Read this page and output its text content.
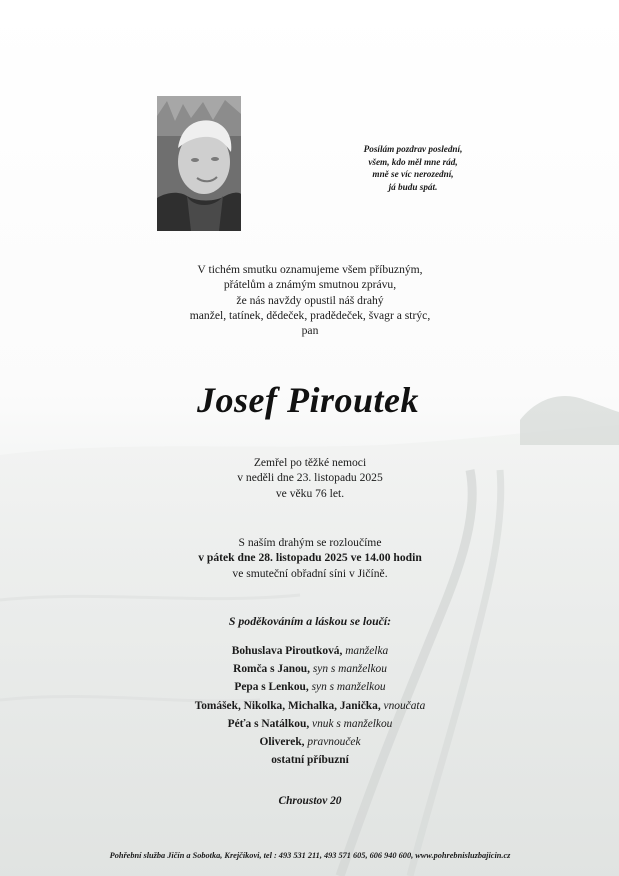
Posílám pozdrav poslední,
všem, kdo měl mne rád,
mně se víc nerozední,
já budu spát.
V tichém smutku oznamujeme všem příbuzným,
přátelům a známým smutnou zprávu,
že nás navždy opustil náš drahý
manžel, tatínek, dědeček, pradědeček, švagr a strýc,
pan
Josef Piroutek
Zemřel po těžké nemoci
v neděli dne 23. listopadu 2025
ve věku 76 let.
S naším drahým se rozloučíme
v pátek dne 28. listopadu 2025 ve 14.00 hodin
ve smuteční obřadní síni v Jičíně.
S poděkováním a láskou se loučí:
Bohuslava Piroutková, manželka
Romča s Janou, syn s manželkou
Pepa s Lenkou, syn s manželkou
Tomášek, Nikolka, Michalka, Janička, vnoučata
Péťa s Natálkou, vnuk s manželkou
Oliverek, pravnouček
ostatní příbuzní
Chroustov 20
Pohřební služba Jičín a Sobotka, Krejčíkovi, tel : 493 531 211, 493 571 605, 606 940 600, www.pohrebnisluzbajicin.cz
